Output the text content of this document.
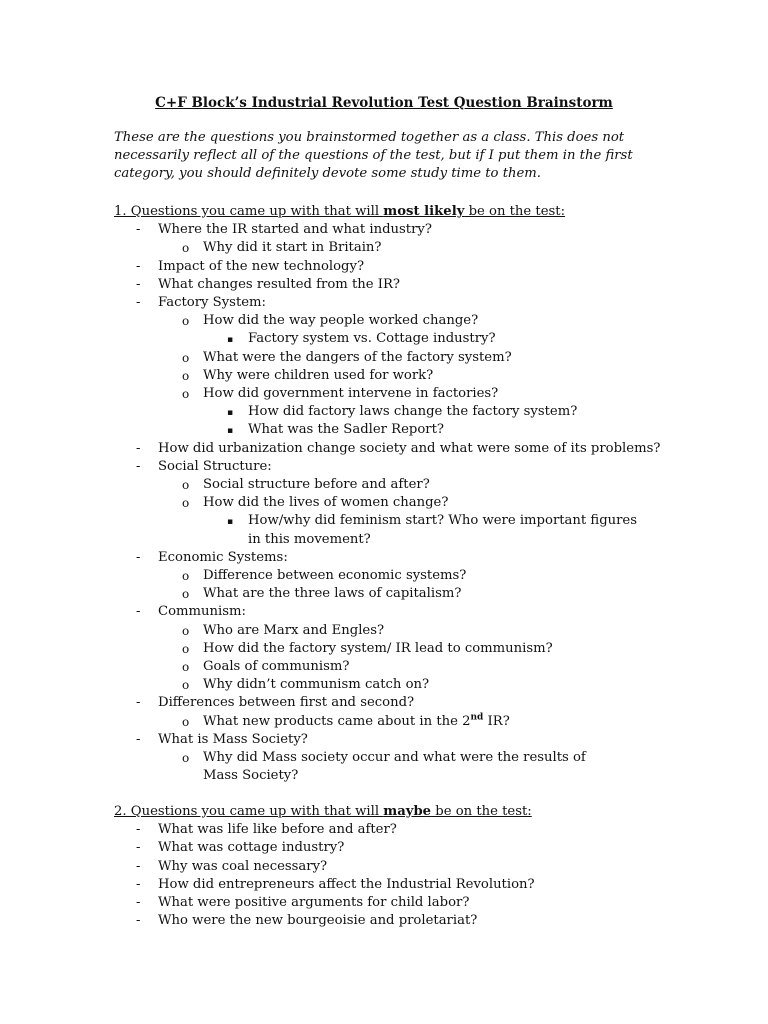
C+F Block’s Industrial Revolution Test Question Brainstorm
These are the questions you brainstormed together as a class. This does not necessarily reflect all of the questions of the test, but if I put them in the first category, you should definitely devote some study time to them.
1. Questions you came up with that will most likely be on the test:
- Where the IR started and what industry?
o Why did it start in Britain?
- Impact of the new technology?
- What changes resulted from the IR?
- Factory System:
o How did the way people worked change?
▪ Factory system vs. Cottage industry?
o What were the dangers of the factory system?
o Why were children used for work?
o How did government intervene in factories?
▪ How did factory laws change the factory system?
▪ What was the Sadler Report?
- How did urbanization change society and what were some of its problems?
- Social Structure:
o Social structure before and after?
o How did the lives of women change?
▪ How/why did feminism start? Who were important figures in this movement?
- Economic Systems:
o Difference between economic systems?
o What are the three laws of capitalism?
- Communism:
o Who are Marx and Engles?
o How did the factory system/ IR lead to communism?
o Goals of communism?
o Why didn’t communism catch on?
- Differences between first and second?
o What new products came about in the 2nd IR?
- What is Mass Society?
o Why did Mass society occur and what were the results of Mass Society?
2. Questions you came up with that will maybe be on the test:
- What was life like before and after?
- What was cottage industry?
- Why was coal necessary?
- How did entrepreneurs affect the Industrial Revolution?
- What were positive arguments for child labor?
- Who were the new bourgeoisie and proletariat?
